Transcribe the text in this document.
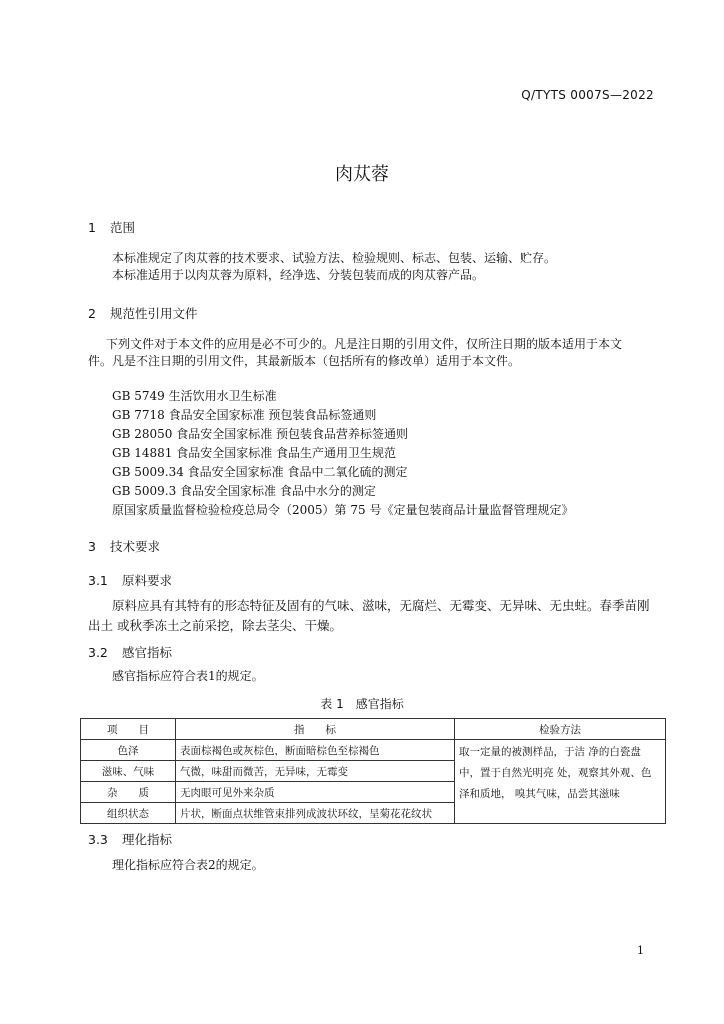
Q/TYTS 0007S—2022
肉苁蓉
1 范围
本标准规定了肉苁蓉的技术要求、试验方法、检验规则、标志、包装、运输、贮存。
本标准适用于以肉苁蓉为原料，经净选、分装包装而成的肉苁蓉产品。
2 规范性引用文件
下列文件对于本文件的应用是必不可少的。凡是注日期的引用文件，仅所注日期的版本适用于本文
件。凡是不注日期的引用文件，其最新版本（包括所有的修改单）适用于本文件。
GB 5749 生活饮用水卫生标准
GB 7718 食品安全国家标准 预包装食品标签通则
GB 28050 食品安全国家标准 预包装食品营养标签通则
GB 14881 食品安全国家标准 食品生产通用卫生规范
GB 5009.34 食品安全国家标准 食品中二氧化硫的测定
GB 5009.3 食品安全国家标准 食品中水分的测定
原国家质量监督检验检疫总局令（2005）第 75 号《定量包装商品计量监督管理规定》
3 技术要求
3.1 原料要求
原料应具有其特有的形态特征及固有的气味、滋味，无腐烂、无霉变、无异味、无虫蛀。春季苗刚
出土 或秋季冻土之前采挖，除去茎尖、干燥。
3.2 感官指标
感官指标应符合表1的规定。
表 1　感官指标
项　　目	指　　标	检验方法
色泽	表面棕褐色或灰棕色，断面暗棕色至棕褐色	取一定量的被测样品，于洁 净的白瓷盘中，置于自然光明亮 处，观察其外观、色泽和质地， 嗅其气味，品尝其滋味
滋味、气味	气微，味甜而微苦，无异味，无霉变	
杂　　质	无肉眼可见外来杂质	
组织状态	片状，断面点状维管束排列成波状环纹，呈菊花花纹状	
3.3 理化指标
理化指标应符合表2的规定。
1
